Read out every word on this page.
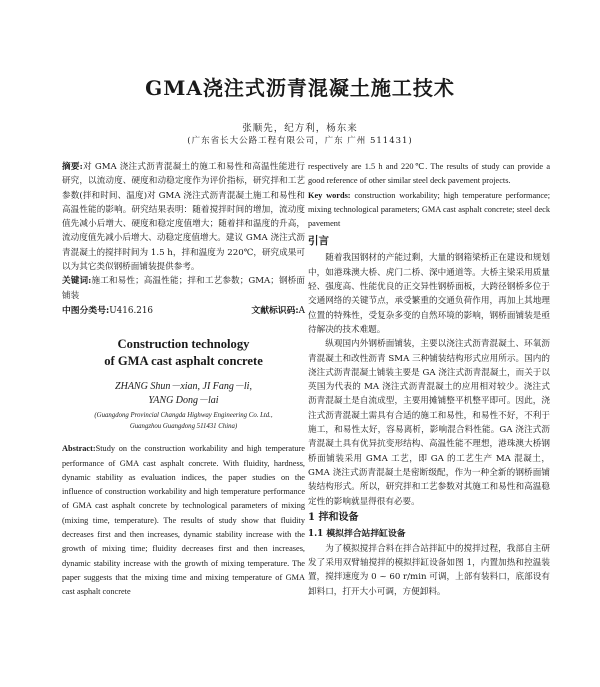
GMA浇注式沥青混凝土施工技术
张顺先，纪方利，杨东来
(广东省长大公路工程有限公司，广东 广州 511431)

摘要:对 GMA 浇注式沥青混凝土的施工和易性和高温性能进行研究，以流动度、硬度和动稳定度作为评价指标，研究拌和工艺参数(拌和时间、温度)对 GMA 浇注式沥青混凝土施工和易性和高温性能的影响。研究结果表明：随着搅拌时间的增加，流动度值先减小后增大、硬度和稳定度值增大；随着拌和温度的升高，流动度值先减小后增大、动稳定度值增大。建议 GMA 浇注式沥青混凝土的搅拌时间为 1.5 h，拌和温度为 220℃，研究成果可以为其它类似钢桥面铺装提供参考。

关键词:施工和易性；高温性能；拌和工艺参数；GMA；钢桥面铺装

中图分类号:U416.216	文献标识码:A
Construction technology
of GMA cast asphalt concrete
ZHANG Shun－xian, JI Fang－li,
YANG Dong－lai
(Guangdong Provincial Changda Highway Engineering Co. Ltd.,
Guangzhou Guangdong 511431 China)

Abstract:Study on the construction workability and high temperature performance of GMA cast asphalt concrete. With fluidity, hardness, dynamic stability as evaluation indices, the paper studies on the influence of construction workability and high temperature performance of GMA cast asphalt concrete by technological parameters of mixing (mixing time, temperature). The results of study show that fluidity decreases first and then increases, dynamic stability increase with the growth of mixing time; fluidity decreases first and then increases, dynamic stability increase with the growth of mixing temperature. The paper suggests that the mixing time and mixing temperature of GMA cast asphalt concrete

respectively are 1.5 h and 220℃. The results of study can provide a good reference of other similar steel deck pavement projects.

Key words: construction workability; high temperature performance; mixing technological parameters; GMA cast asphalt concrete; steel deck pavement

引言

随着我国钢材的产能过剩，大量的钢箱梁桥正在建设和规划中，如港珠澳大桥、虎门二桥、深中通道等。大桥主梁采用质量轻、强度高、性能优良的正交异性钢桥面板，大跨径钢桥多位于交通网络的关键节点，承受繁重的交通负荷作用，再加上其地理位置的特殊性，受复杂多变的自然环境的影响，钢桥面铺装是亟待解决的技术难题。

纵观国内外钢桥面铺装，主要以浇注式沥青混凝土、环氧沥青混凝土和改性沥青 SMA 三种铺装结构形式应用所示。国内的浇注式沥青混凝土铺装主要是 GA 浇注式沥青混凝土，而关于以英国为代表的 MA 浇注式沥青混凝土的应用相对较少。浇注式沥青混凝土是自流成型，主要用摊铺整平机整平即可。因此，浇注式沥青混凝土需具有合适的施工和易性，和易性不好，不利于施工，和易性太好，容易离析，影响混合料性能。GA 浇注式沥青混凝土具有优异抗变形结构、高温性能不理想，港珠澳大桥钢桥面铺装采用 GMA 工艺，即 GA 的工艺生产 MA 混凝土，GMA 浇注式沥青混凝土是密断级配，作为一种全新的钢桥面铺装结构形式。所以，研究拌和工艺参数对其施工和易性和高温稳定性的影响就显得很有必要。

1 拌和设备
1.1 模拟拌合站拌缸设备

为了模拟搅拌合料在拌合站拌缸中的搅拌过程，我部自主研发了采用双臂轴搅拌的模拟拌缸设备如图 1，内置加热和控温装置，搅拌速度为 0 ~ 60 r/min 可调，上部有装料口，底部设有卸料口，打开大小可调，方便卸料。
